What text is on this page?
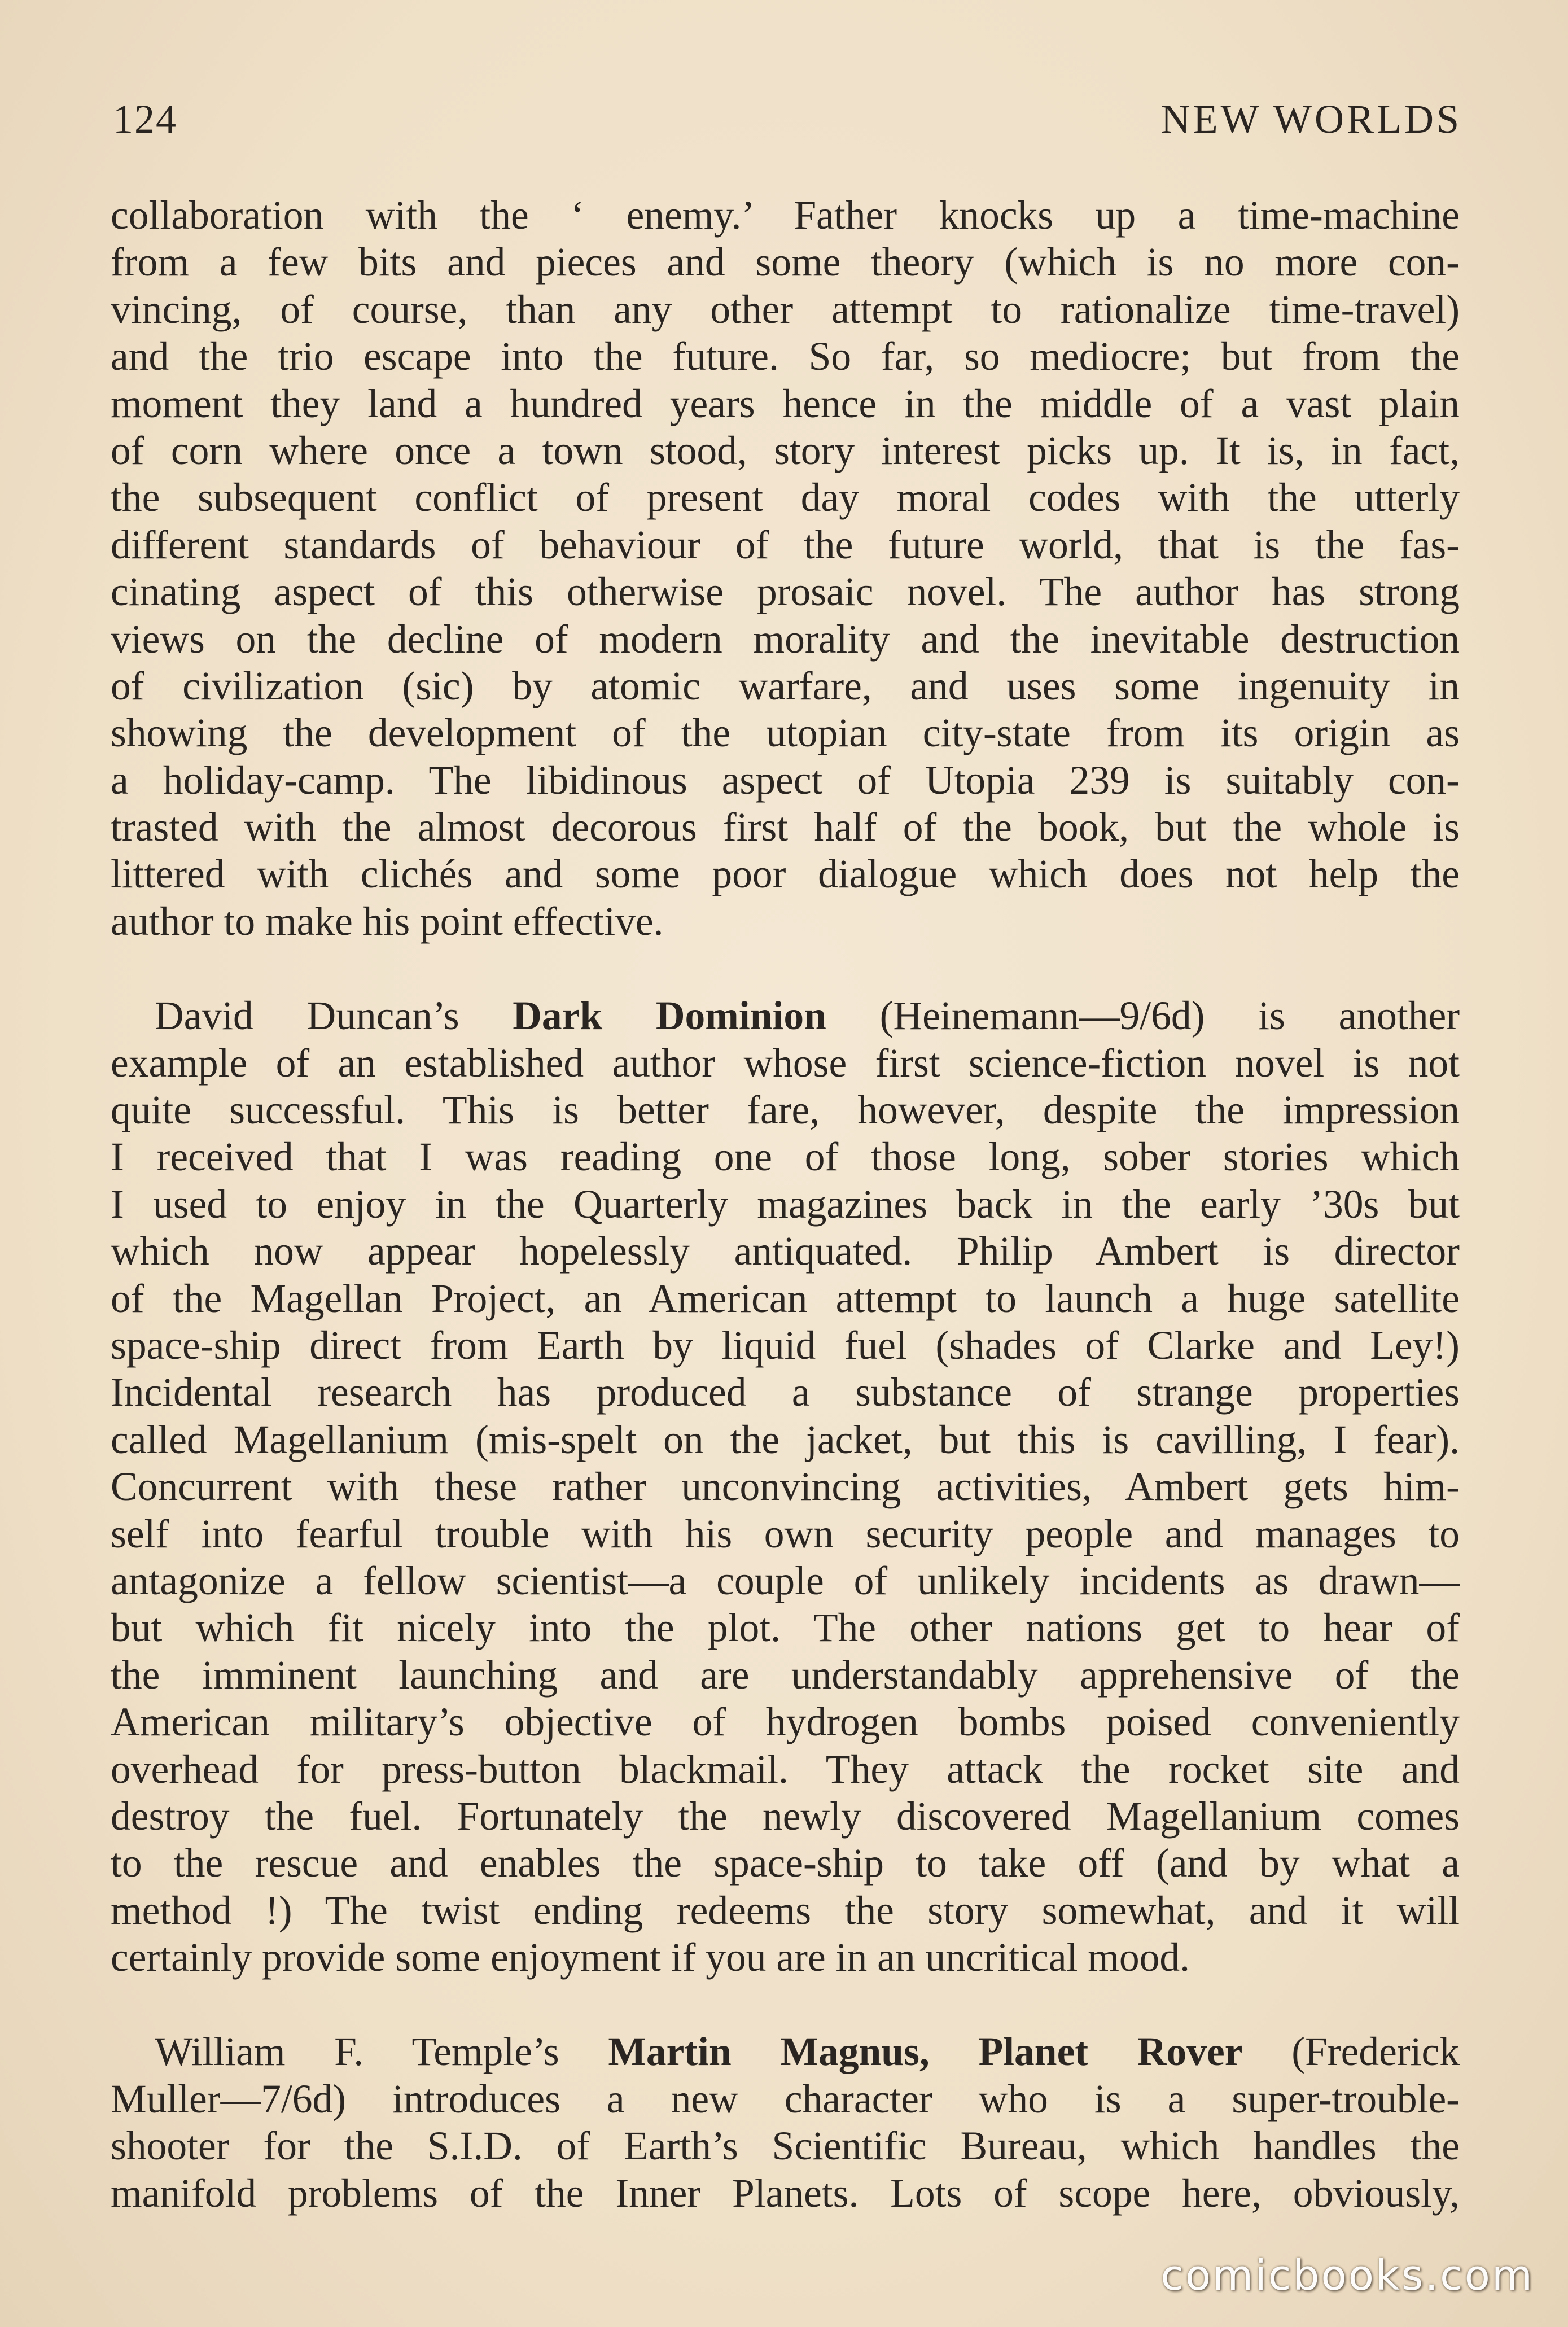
124	NEW WORLDS

collaboration with the ‘ enemy.’ Father knocks up a time-machine

from a few bits and pieces and some theory (which is no more con-

vincing, of course, than any other attempt to rationalize time-travel)

and the trio escape into the future. So far, so mediocre; but from the

moment they land a hundred years hence in the middle of a vast plain

of corn where once a town stood, story interest picks up. It is, in fact,

the subsequent conflict of present day moral codes with the utterly

different standards of behaviour of the future world, that is the fas-

cinating aspect of this otherwise prosaic novel. The author has strong

views on the decline of modern morality and the inevitable destruction

of civilization (sic) by atomic warfare, and uses some ingenuity in

showing the development of the utopian city-state from its origin as

a holiday-camp. The libidinous aspect of Utopia 239 is suitably con-

trasted with the almost decorous first half of the book, but the whole is

littered with clichés and some poor dialogue which does not help the

author to make his point effective.

David Duncan’s Dark Dominion (Heinemann—9/6d) is another

example of an established author whose first science-fiction novel is not

quite successful. This is better fare, however, despite the impression

I received that I was reading one of those long, sober stories which

I used to enjoy in the Quarterly magazines back in the early ’30s but

which now appear hopelessly antiquated. Philip Ambert is director

of the Magellan Project, an American attempt to launch a huge satellite

space-ship direct from Earth by liquid fuel (shades of Clarke and Ley!)

Incidental research has produced a substance of strange properties

called Magellanium (mis-spelt on the jacket, but this is cavilling, I fear).

Concurrent with these rather unconvincing activities, Ambert gets him-

self into fearful trouble with his own security people and manages to

antagonize a fellow scientist—a couple of unlikely incidents as drawn—

but which fit nicely into the plot. The other nations get to hear of

the imminent launching and are understandably apprehensive of the

American military’s objective of hydrogen bombs poised conveniently

overhead for press-button blackmail. They attack the rocket site and

destroy the fuel. Fortunately the newly discovered Magellanium comes

to the rescue and enables the space-ship to take off (and by what a

method !) The twist ending redeems the story somewhat, and it will

certainly provide some enjoyment if you are in an uncritical mood.

William F. Temple’s Martin Magnus, Planet Rover (Frederick

Muller—7/6d) introduces a new character who is a super-trouble-

shooter for the S.I.D. of Earth’s Scientific Bureau, which handles the

manifold problems of the Inner Planets. Lots of scope here, obviously,

comicbooks.com
